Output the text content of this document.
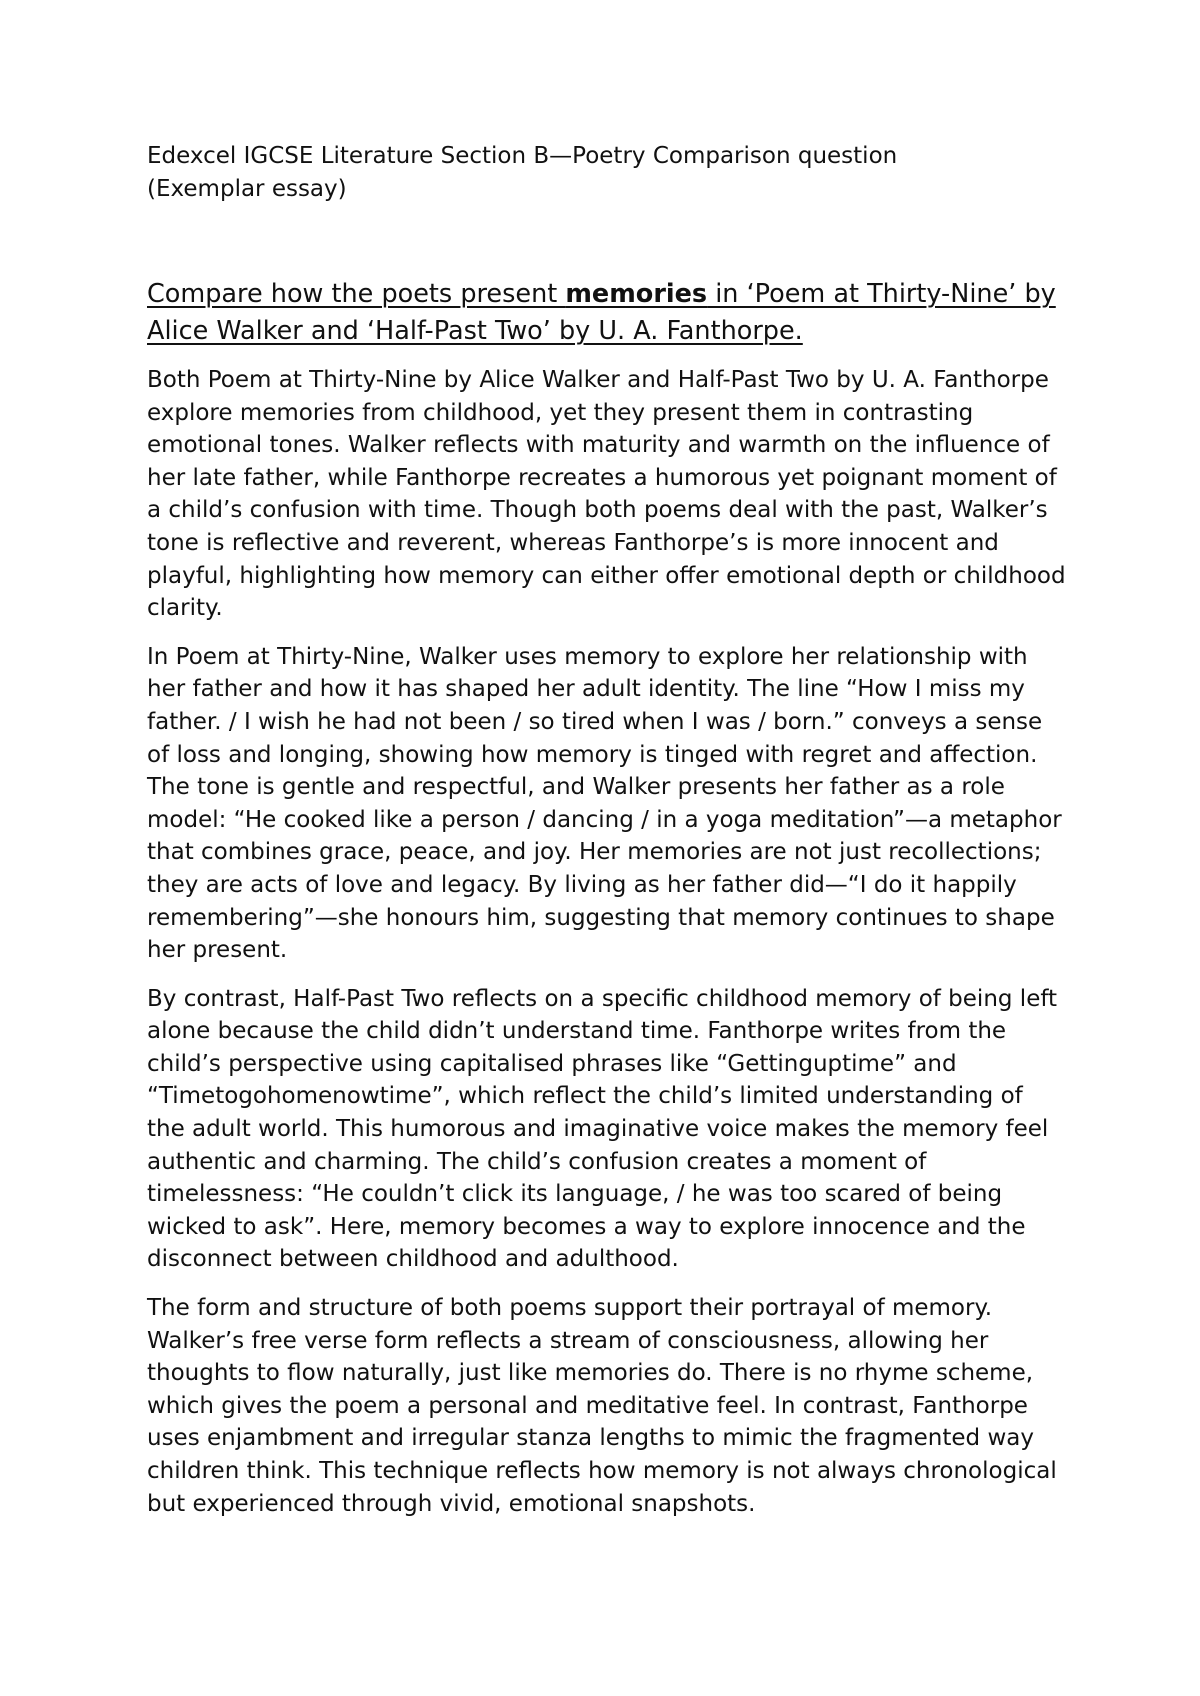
Edexcel IGCSE Literature Section B—Poetry Comparison question
(Exemplar essay)
Compare how the poets present memories in ‘Poem at Thirty-Nine’ by Alice Walker and ‘Half-Past Two’ by U. A. Fanthorpe.

Both Poem at Thirty-Nine by Alice Walker and Half-Past Two by U. A. Fanthorpe explore memories from childhood, yet they present them in contrasting emotional tones. Walker reflects with maturity and warmth on the influence of her late father, while Fanthorpe recreates a humorous yet poignant moment of a child’s confusion with time. Though both poems deal with the past, Walker’s tone is reflective and reverent, whereas Fanthorpe’s is more innocent and playful, highlighting how memory can either offer emotional depth or childhood clarity.

In Poem at Thirty-Nine, Walker uses memory to explore her relationship with her father and how it has shaped her adult identity. The line “How I miss my father. / I wish he had not been / so tired when I was / born.” conveys a sense of loss and longing, showing how memory is tinged with regret and affection. The tone is gentle and respectful, and Walker presents her father as a role model: “He cooked like a person / dancing / in a yoga meditation”—a metaphor that combines grace, peace, and joy. Her memories are not just recollections; they are acts of love and legacy. By living as her father did—“I do it happily remembering”—she honours him, suggesting that memory continues to shape her present.

By contrast, Half-Past Two reflects on a specific childhood memory of being left alone because the child didn’t understand time. Fanthorpe writes from the child’s perspective using capitalised phrases like “Gettinguptime” and “Timetogohomenowtime”, which reflect the child’s limited understanding of the adult world. This humorous and imaginative voice makes the memory feel authentic and charming. The child’s confusion creates a moment of timelessness: “He couldn’t click its language, / he was too scared of being wicked to ask”. Here, memory becomes a way to explore innocence and the disconnect between childhood and adulthood.

The form and structure of both poems support their portrayal of memory. Walker’s free verse form reflects a stream of consciousness, allowing her thoughts to flow naturally, just like memories do. There is no rhyme scheme, which gives the poem a personal and meditative feel. In contrast, Fanthorpe uses enjambment and irregular stanza lengths to mimic the fragmented way children think. This technique reflects how memory is not always chronological but experienced through vivid, emotional snapshots.
